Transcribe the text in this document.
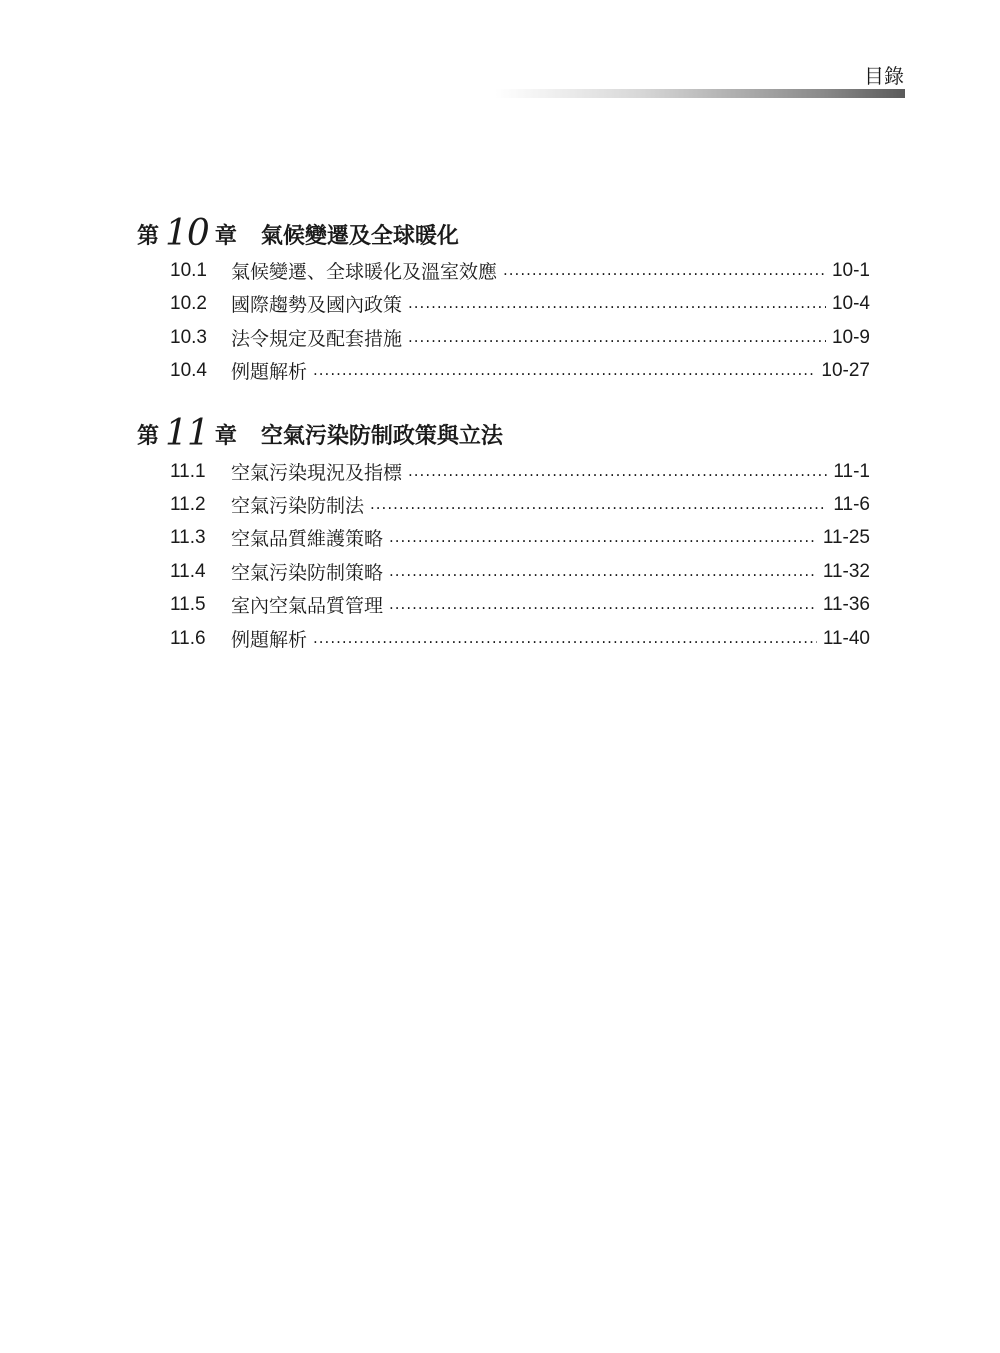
目錄
第 10 章 氣候變遷及全球暖化
10.1	氣候變遷、全球暖化及溫室效應 .....	10-1
10.2	國際趨勢及國內政策 .....	10-4
10.3	法令規定及配套措施 .....	10-9
10.4	例題解析 .....	10-27
第 11 章 空氣污染防制政策與立法
11.1	空氣污染現況及指標 .....	11-1
11.2	空氣污染防制法 .....	11-6
11.3	空氣品質維護策略 .....	11-25
11.4	空氣污染防制策略 .....	11-32
11.5	室內空氣品質管理 .....	11-36
11.6	例題解析 .....	11-40
